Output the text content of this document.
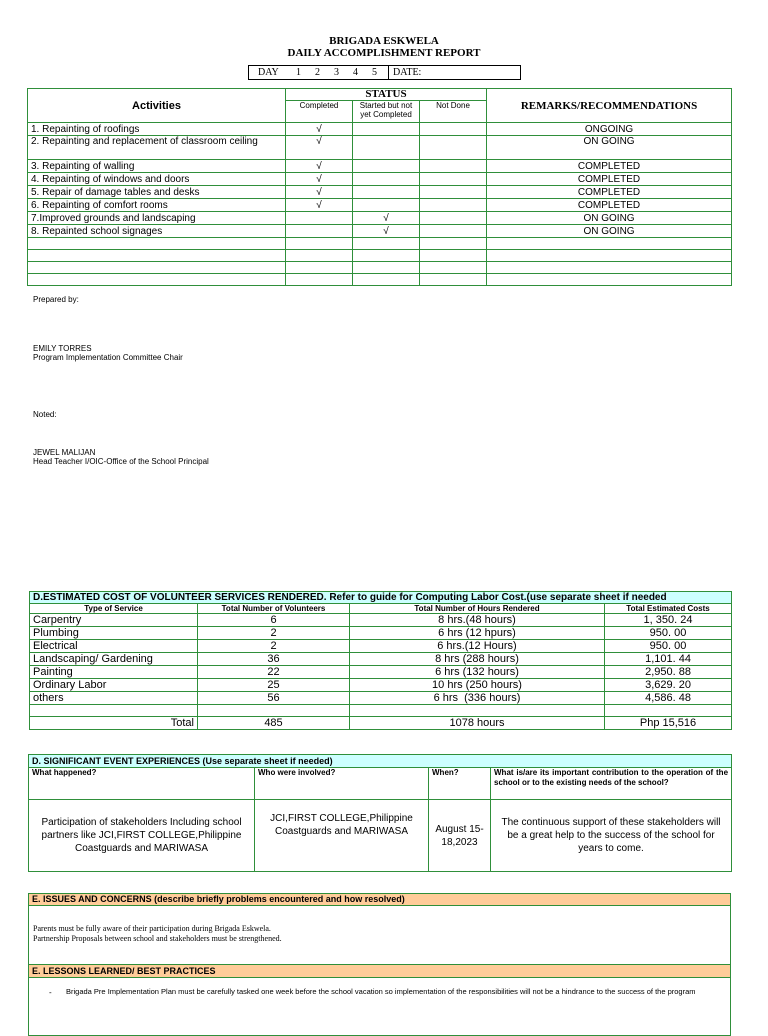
BRIGADA ESKWELA
DAILY ACCOMPLISHMENT REPORT
DAY 1 2 3 4 5 DATE:
Activities	STATUS			REMARKS/RECOMMENDATIONS
	Completed	Started but not yet Completed	Not Done	
1. Repainting of roofings	√			ONGOING
2. Repainting and replacement of classroom ceiling	√			ON GOING
3. Repainting of walling	√			COMPLETED
4. Repainting of windows and doors	√			COMPLETED
5. Repair of damage tables and desks	√			COMPLETED
6. Repainting of comfort rooms	√			COMPLETED
7.Improved grounds and landscaping		√		ON GOING
8. Repainted school signages		√		ON GOING

Prepared by:
EMILY TORRES
Program Implementation Committee Chair
Noted:
JEWEL MALIJAN
Head Teacher I/OIC-Office of the School Principal
D.ESTIMATED COST OF VOLUNTEER SERVICES RENDERED. Refer to guide for Computing Labor Cost.(use separate sheet if needed			
Type of Service	Total Number of Volunteers	Total Number of Hours Rendered	Total Estimated Costs
Carpentry	6	8 hrs.(48 hours)	1, 350. 24
Plumbing	2	6 hrs (12 hpurs)	950. 00
Electrical	2	6 hrs.(12 Hours)	950. 00
Landscaping/ Gardening	36	8 hrs (288 hours)	1,101. 44
Painting	22	6 hrs (132 hours)	2,950. 88
Ordinary Labor	25	10 hrs (250 hours)	3,629. 20
others	56	6 hrs  (336 hours)	4,586. 48

Total	485	1078 hours	Php 15,516
D. SIGNIFICANT EVENT EXPERIENCES (Use separate sheet if needed)			
What happened?	Who were involved?	When?	What is/are its important contribution to the operation of the school or to the existing needs of the school?
Participation of stakeholders Including school partners like JCI,FIRST COLLEGE,Philippine Coastguards and MARIWASA	JCI,FIRST COLLEGE,Philippine Coastguards and MARIWASA	August 15-18,2023	The continuous support of these stakeholders will be a great help to the success of the school for years to come.
E. ISSUES AND CONCERNS (describe briefly problems encountered and how resolved)
Parents must be fully aware of their participation during Brigada Eskwela.
Partnership Proposals between school and stakeholders must be strengthened.
E. LESSONS LEARNED/ BEST PRACTICES
- Brigada Pre Implementation Plan must be carefully tasked one week before the school vacation so implementation of the responsibilities will not be a hindrance to the success of the program
